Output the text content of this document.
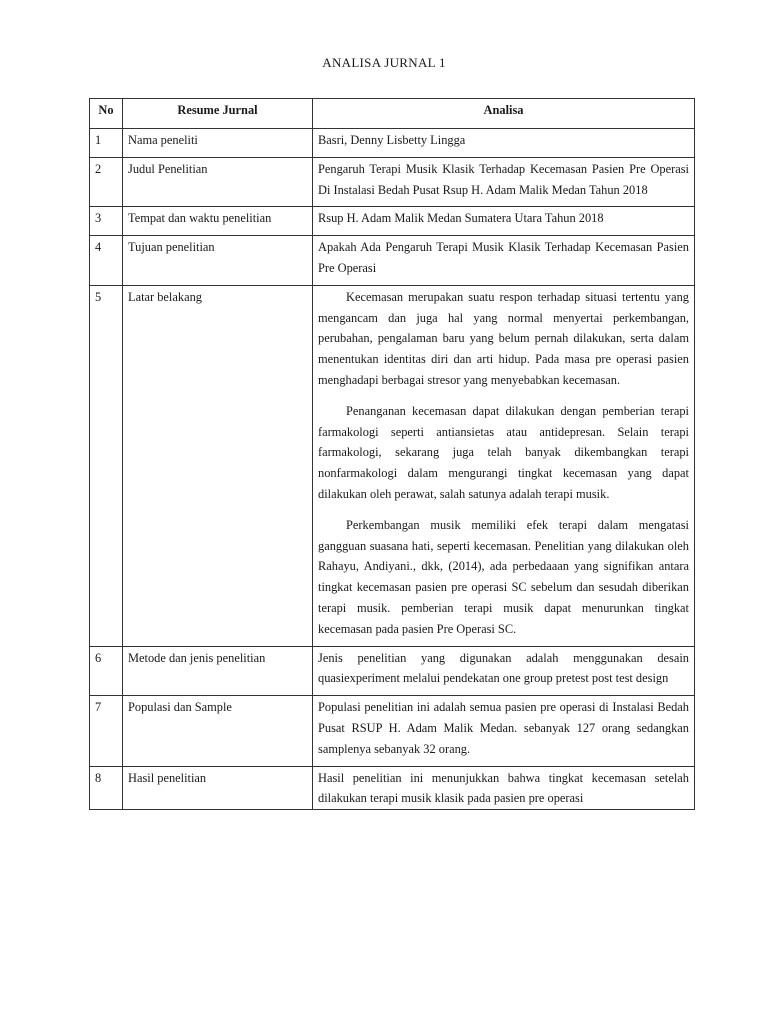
ANALISA JURNAL 1
No	Resume Jurnal	Analisa
1	Nama peneliti	Basri, Denny Lisbetty Lingga
2	Judul Penelitian	Pengaruh Terapi Musik Klasik Terhadap Kecemasan Pasien Pre Operasi Di Instalasi Bedah Pusat Rsup H. Adam Malik Medan Tahun 2018
3	Tempat dan waktu penelitian	Rsup H. Adam Malik Medan Sumatera Utara Tahun 2018
4	Tujuan penelitian	Apakah Ada Pengaruh Terapi Musik Klasik Terhadap Kecemasan Pasien Pre Operasi
5	Latar belakang	Kecemasan merupakan suatu respon terhadap situasi tertentu yang mengancam dan juga hal yang normal menyertai perkembangan, perubahan, pengalaman baru yang belum pernah dilakukan, serta dalam menentukan identitas diri dan arti hidup. Pada masa pre operasi pasien menghadapi berbagai stresor yang menyebabkan kecemasan.

Penanganan kecemasan dapat dilakukan dengan pemberian terapi farmakologi seperti antiansietas atau antidepresan. Selain terapi farmakologi, sekarang juga telah banyak dikembangkan terapi nonfarmakologi dalam mengurangi tingkat kecemasan yang dapat dilakukan oleh perawat, salah satunya adalah terapi musik.

Perkembangan musik memiliki efek terapi dalam mengatasi gangguan suasana hati, seperti kecemasan. Penelitian yang dilakukan oleh Rahayu, Andiyani., dkk, (2014), ada perbedaaan yang signifikan antara tingkat kecemasan pasien pre operasi SC sebelum dan sesudah diberikan terapi musik. pemberian terapi musik dapat menurunkan tingkat kecemasan pada pasien Pre Operasi SC.

6	Metode dan jenis penelitian	Jenis penelitian yang digunakan adalah menggunakan desain quasiexperiment melalui pendekatan one group pretest post test design
7	Populasi dan Sample	Populasi penelitian ini adalah semua pasien pre operasi di Instalasi Bedah Pusat RSUP H. Adam Malik Medan. sebanyak 127 orang sedangkan samplenya sebanyak 32 orang.
8	Hasil penelitian	Hasil penelitian ini menunjukkan bahwa tingkat kecemasan setelah dilakukan terapi musik klasik pada pasien pre operasi
